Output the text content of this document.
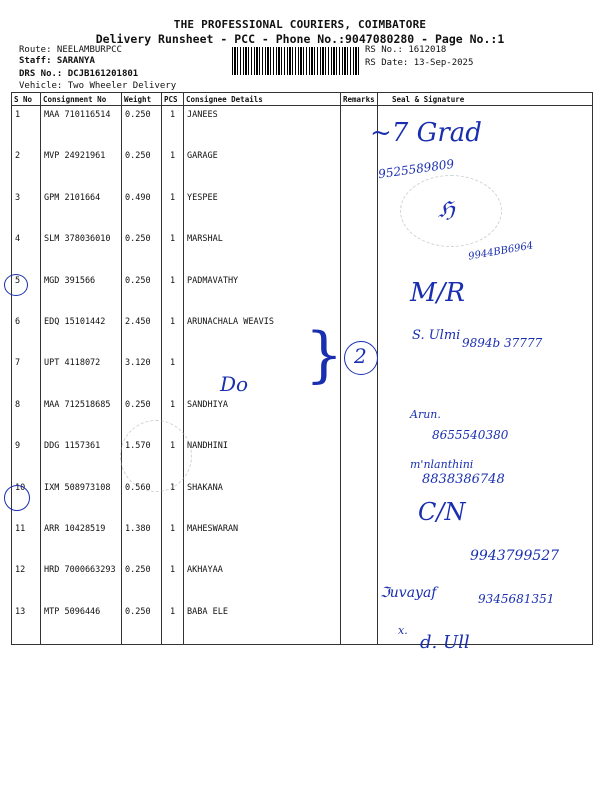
THE PROFESSIONAL COURIERS, COIMBATORE
Delivery Runsheet - PCC - Phone No.:9047080280 - Page No.:1
Route: NEELAMBURPCC
Staff: SARANYA
DRS No.: DCJB161201801
Vehicle: Two Wheeler Delivery
RS No.: 1612018
RS Date: 13-Sep-2025
S No	Consignment No	Weight	PCS	Consignee Details	Remarks	Seal & Signature
1	MAA 710116514	0.250	1	JANEES		
2	MVP 24921961	0.250	1	GARAGE		
3	GPM 2101664	0.490	1	YESPEE		
4	SLM 378036010	0.250	1	MARSHAL		
5	MGD 391566	0.250	1	PADMAVATHY		
6	EDQ 15101442	2.450	1	ARUNACHALA WEAVIS		
7	UPT 4118072	3.120	1			
8	MAA 712518685	0.250	1	SANDHIYA		
9	DDG 1157361	1.570	1	NANDHINI		
10	IXM 508973108	0.560	1	SHAKANA		
11	ARR 10428519	1.380	1	MAHESWARAN		
12	HRD 7000663293	0.250	1	AKHAYAA		
13	MTP 5096446	0.250	1	BABA ELE		
~7 Grad
9525589809
ℌ
9944BB6964
M/R
S. Ulmi 9894b 37777
} 2
Do
Arun.
8655540380
m'nlanthini
8838386748
C/N
9943799527
ℑuvayaf	9345681351
x.
d. Ull
